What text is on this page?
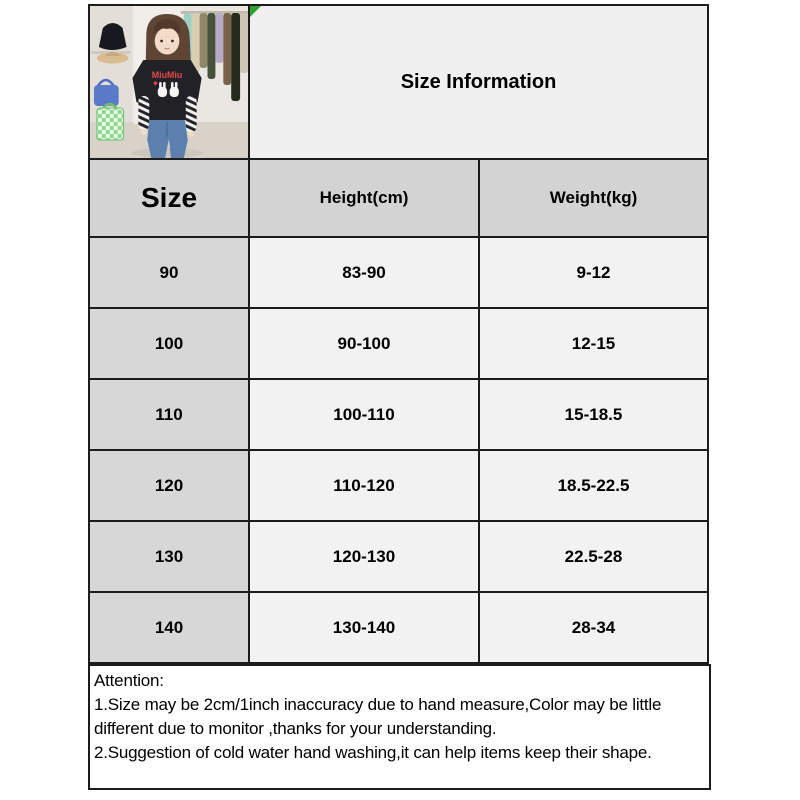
MiuMiu	Size Information	
Size	Height(cm)	Weight(kg)
90	83-90	9-12
100	90-100	12-15
110	100-110	15-18.5
120	110-120	18.5-22.5
130	120-130	22.5-28
140	130-140	28-34
Attention:
1.Size may be 2cm/1inch inaccuracy due to hand measure,Color may be little different due to monitor ,thanks for your understanding.
2.Suggestion of cold water hand washing,it can help items keep their shape.
